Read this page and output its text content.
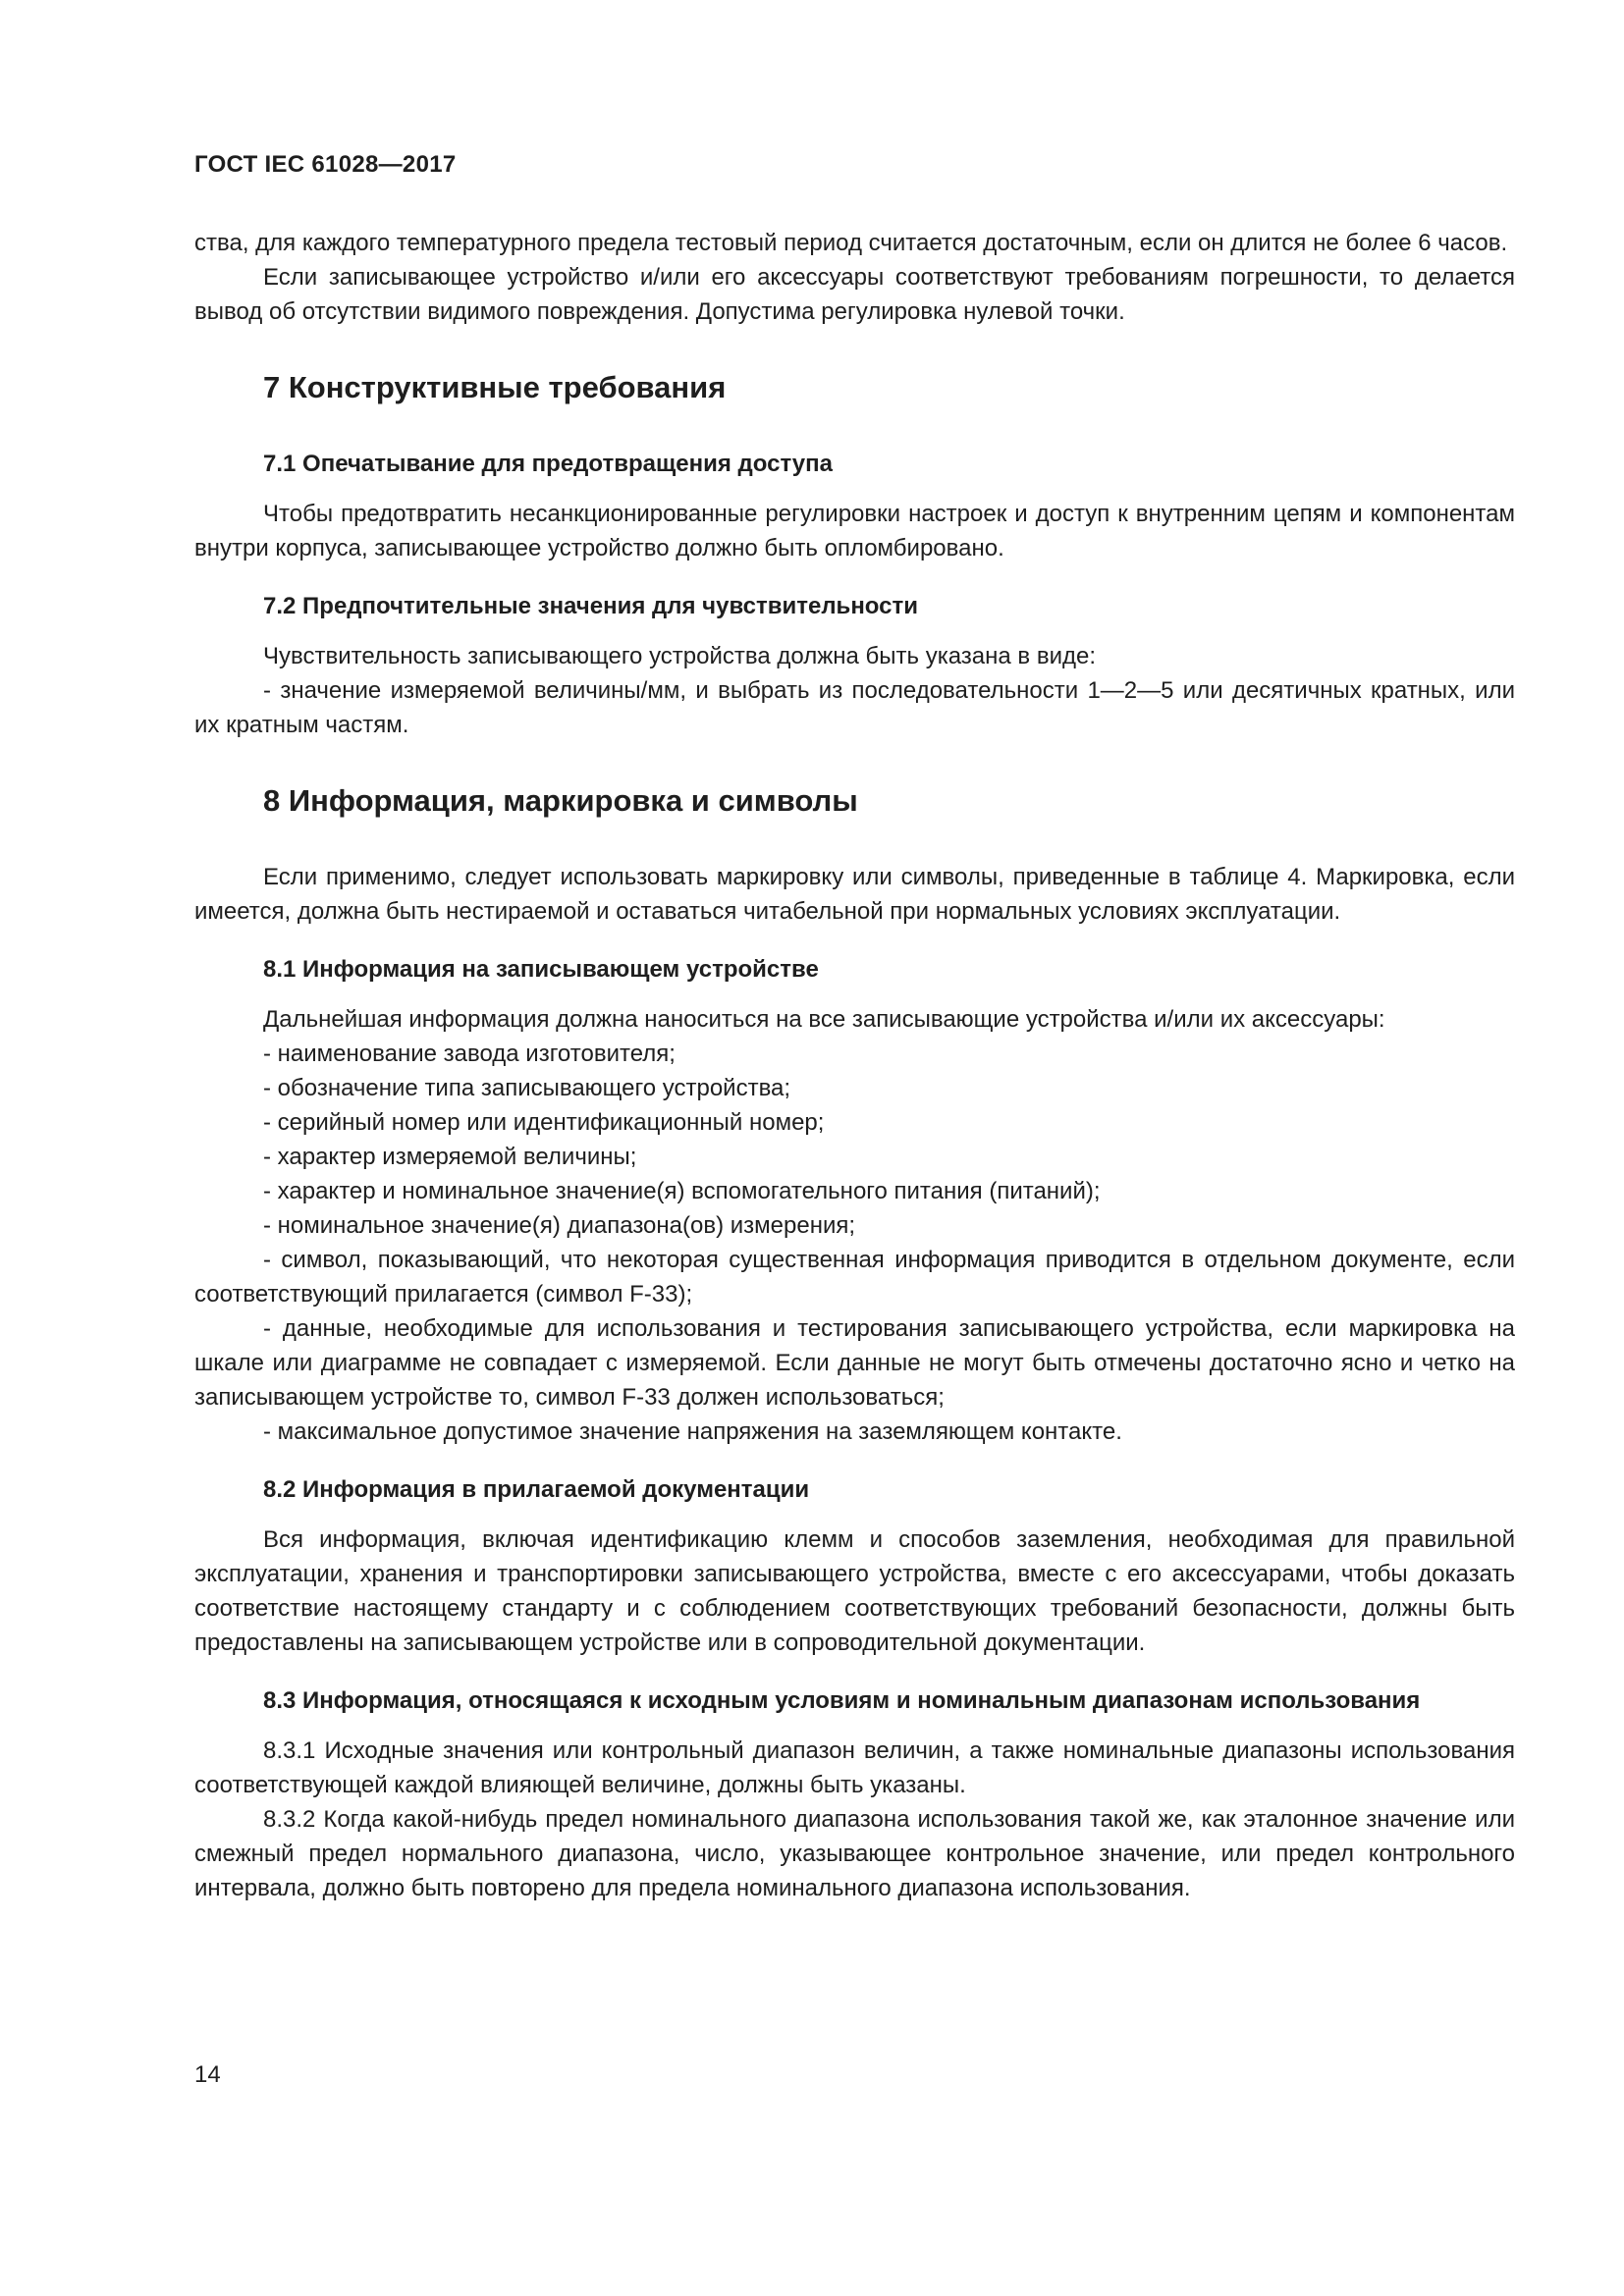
ГОСТ IEC 61028—2017

ства, для каждого температурного предела тестовый период считается достаточным, если он длится не более 6 часов.

Если записывающее устройство и/или его аксессуары соответствуют требованиям погрешности, то делается вывод об отсутствии видимого повреждения. Допустима регулировка нулевой точки.

7 Конструктивные требования
7.1 Опечатывание для предотвращения доступа

Чтобы предотвратить несанкционированные регулировки настроек и доступ к внутренним цепям и компонентам внутри корпуса, записывающее устройство должно быть опломбировано.

7.2 Предпочтительные значения для чувствительности

Чувствительность записывающего устройства должна быть указана в виде:

- значение измеряемой величины/мм, и выбрать из последовательности 1—2—5 или десятичных кратных, или их кратным частям.

8 Информация, маркировка и символы

Если применимо, следует использовать маркировку или символы, приведенные в таблице 4. Маркировка, если имеется, должна быть нестираемой и оставаться читабельной при нормальных условиях эксплуатации.

8.1 Информация на записывающем устройстве

Дальнейшая информация должна наноситься на все записывающие устройства и/или их аксессуары:

- наименование завода изготовителя;

- обозначение типа записывающего устройства;

- серийный номер или идентификационный номер;

- характер измеряемой величины;

- характер и номинальное значение(я) вспомогательного питания (питаний);

- номинальное значение(я) диапазона(ов) измерения;

- символ, показывающий, что некоторая существенная информация приводится в отдельном документе, если соответствующий прилагается (символ F-33);

- данные, необходимые для использования и тестирования записывающего устройства, если маркировка на шкале или диаграмме не совпадает с измеряемой. Если данные не могут быть отмечены достаточно ясно и четко на записывающем устройстве то, символ F-33 должен использоваться;

- максимальное допустимое значение напряжения на заземляющем контакте.

8.2 Информация в прилагаемой документации

Вся информация, включая идентификацию клемм и способов заземления, необходимая для правильной эксплуатации, хранения и транспортировки записывающего устройства, вместе с его аксессуарами, чтобы доказать соответствие настоящему стандарту и с соблюдением соответствующих требований безопасности, должны быть предоставлены на записывающем устройстве или в сопроводительной документации.

8.3 Информация, относящаяся к исходным условиям и номинальным диапазонам использования

8.3.1 Исходные значения или контрольный диапазон величин, а также номинальные диапазоны использования соответствующей каждой влияющей величине, должны быть указаны.

8.3.2 Когда какой-нибудь предел номинального диапазона использования такой же, как эталонное значение или смежный предел нормального диапазона, число, указывающее контрольное значение, или предел контрольного интервала, должно быть повторено для предела номинального диапазона использования.

14
